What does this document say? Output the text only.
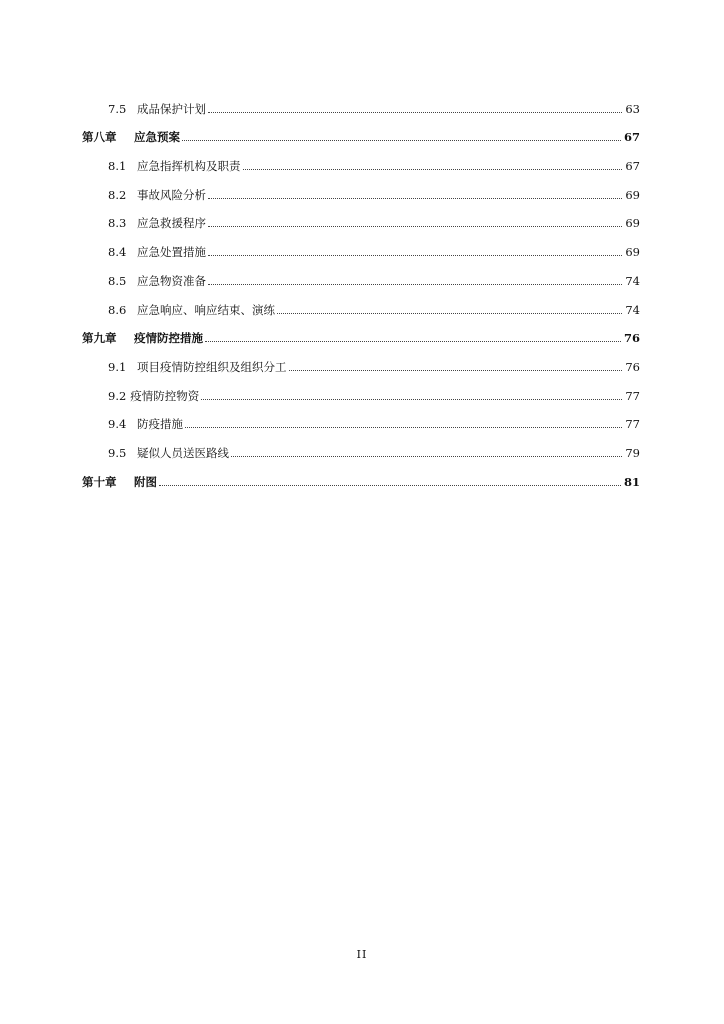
7.5 成品保护计划	63
第八章	应急预案	67
8.1 应急指挥机构及职责	67
8.2 事故风险分析	69
8.3 应急救援程序	69
8.4 应急处置措施	69
8.5 应急物资准备	74
8.6 应急响应、响应结束、演练	74
第九章	疫情防控措施	76
9.1 项目疫情防控组织及组织分工	76
9.2 疫情防控物资	77
9.4 防疫措施	77
9.5 疑似人员送医路线	79
第十章	附图	81
II
